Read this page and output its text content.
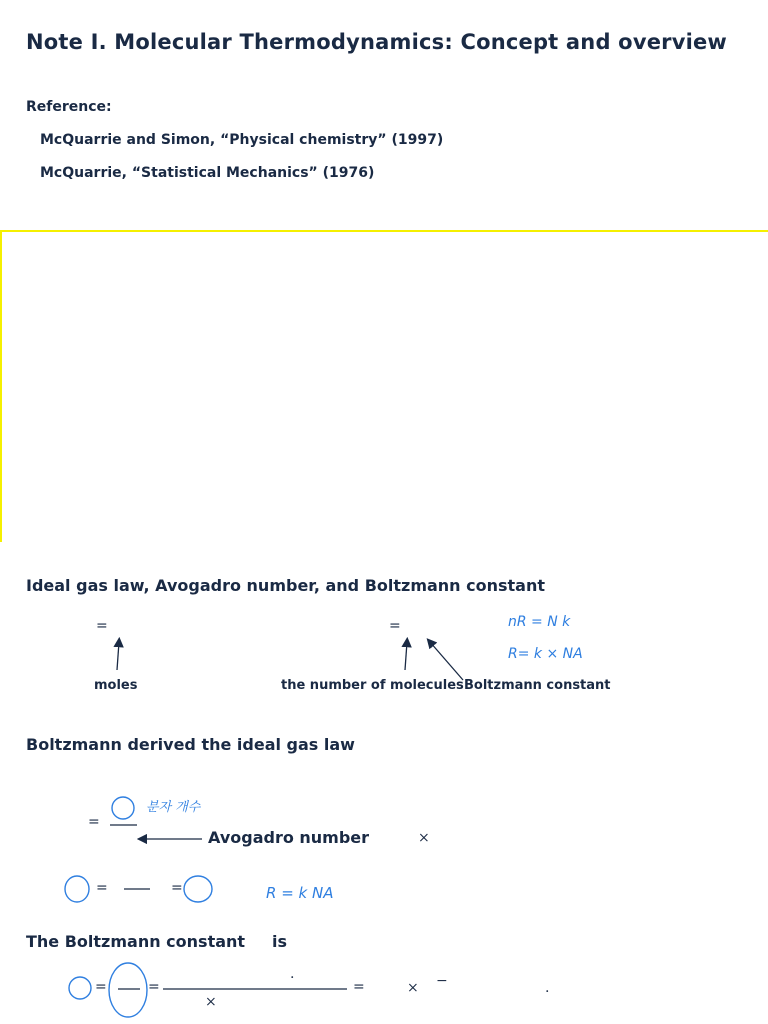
Note I. Molecular Thermodynamics: Concept and overview
Reference:
McQuarrie and Simon, “Physical chemistry” (1997)
McQuarrie, “Statistical Mechanics” (1976)
Ideal gas law, Avogadro number, and Boltzmann constant
=	=
moles	the number of molecules Boltzmann constant
nR = N k
R= k × NA
Boltzmann derived the ideal gas law
분자 개수
=
Avogadro number	×
=	=	R = k NA
The Boltzmann constant is
=	=	=
×
×
.
.
−
